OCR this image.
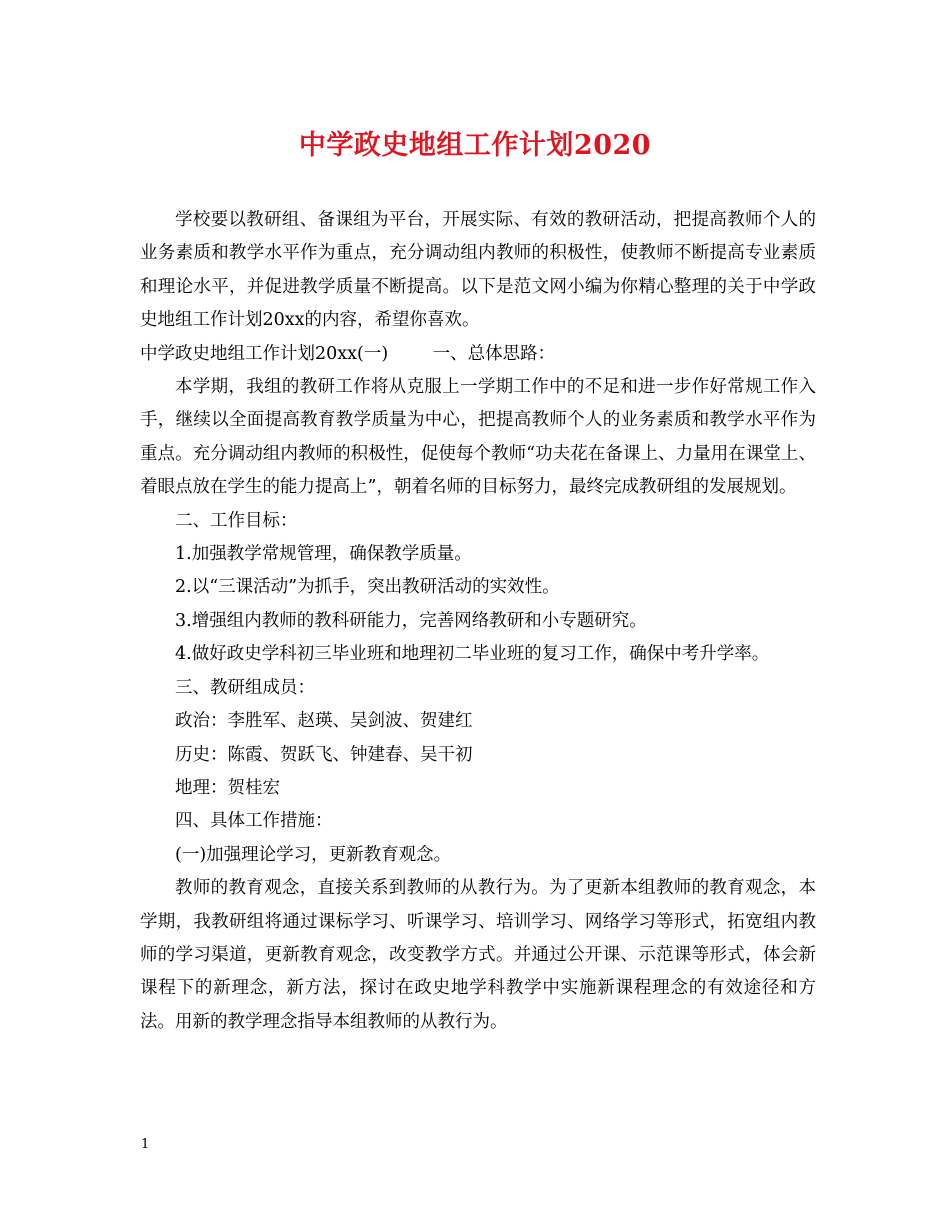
中学政史地组工作计划2020

学校要以教研组、备课组为平台，开展实际、有效的教研活动，把提高教师个人的业务素质和教学水平作为重点，充分调动组内教师的积极性，使教师不断提高专业素质和理论水平，并促进教学质量不断提高。以下是范文网小编为你精心整理的关于中学政史地组工作计划20xx的内容，希望你喜欢。

中学政史地组工作计划20xx(一)        一、总体思路：

本学期，我组的教研工作将从克服上一学期工作中的不足和进一步作好常规工作入手，继续以全面提高教育教学质量为中心，把提高教师个人的业务素质和教学水平作为重点。充分调动组内教师的积极性，促使每个教师“功夫花在备课上、力量用在课堂上、着眼点放在学生的能力提高上”，朝着名师的目标努力，最终完成教研组的发展规划。

二、工作目标：

1.加强教学常规管理，确保教学质量。

2.以“三课活动”为抓手，突出教研活动的实效性。

3.增强组内教师的教科研能力，完善网络教研和小专题研究。

4.做好政史学科初三毕业班和地理初二毕业班的复习工作，确保中考升学率。

三、教研组成员：

政治：李胜军、赵瑛、吴剑波、贺建红

历史：陈霞、贺跃飞、钟建春、吴干初

地理：贺桂宏

四、具体工作措施：

(一)加强理论学习，更新教育观念。

教师的教育观念，直接关系到教师的从教行为。为了更新本组教师的教育观念，本学期，我教研组将通过课标学习、听课学习、培训学习、网络学习等形式，拓宽组内教师的学习渠道，更新教育观念，改变教学方式。并通过公开课、示范课等形式，体会新课程下的新理念，新方法，探讨在政史地学科教学中实施新课程理念的有效途径和方法。用新的教学理念指导本组教师的从教行为。

1
